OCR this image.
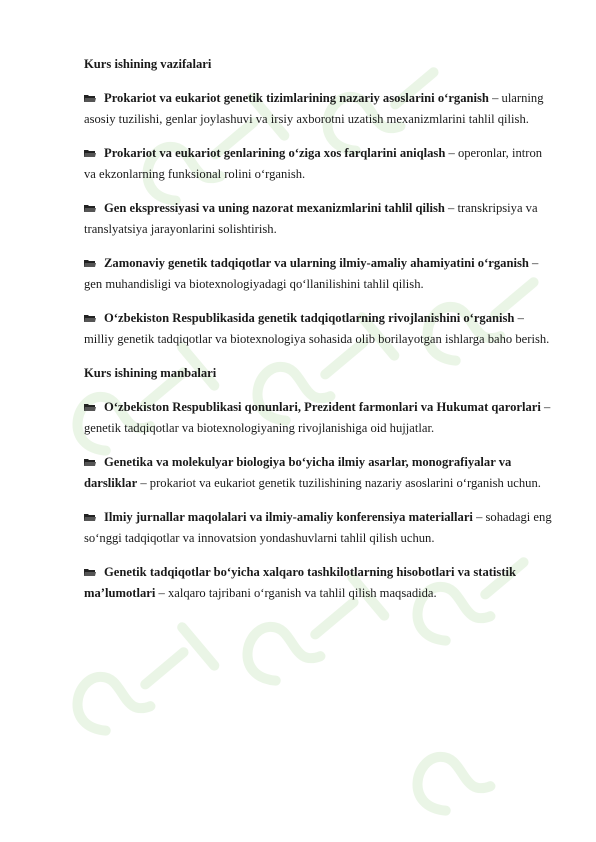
Kurs ishining vazifalari
Prokariot va eukariot genetik tizimlarining nazariy asoslarini o‘rganish – ularning asosiy tuzilishi, genlar joylashuvi va irsiy axborotni uzatish mexanizmlarini tahlil qilish.
Prokariot va eukariot genlarining o‘ziga xos farqlarini aniqlash – operonlar, intron va ekzonlarning funksional rolini o‘rganish.
Gen ekspressiyasi va uning nazorat mexanizmlarini tahlil qilish – transkripsiya va translyatsiya jarayonlarini solishtirish.
Zamonaviy genetik tadqiqotlar va ularning ilmiy-amaliy ahamiyatini o‘rganish – gen muhandisligi va biotexnologiyadagi qo‘llanilishini tahlil qilish.
O‘zbekiston Respublikasida genetik tadqiqotlarning rivojlanishini o‘rganish – milliy genetik tadqiqotlar va biotexnologiya sohasida olib borilayotgan ishlarga baho berish.
Kurs ishining manbalari
O‘zbekiston Respublikasi qonunlari, Prezident farmonlari va Hukumat qarorlari – genetik tadqiqotlar va biotexnologiyaning rivojlanishiga oid hujjatlar.
Genetika va molekulyar biologiya bo‘yicha ilmiy asarlar, monografiyalar va darsliklar – prokariot va eukariot genetik tuzilishining nazariy asoslarini o‘rganish uchun.
Ilmiy jurnallar maqolalari va ilmiy-amaliy konferensiya materiallari – sohadagi eng so‘nggi tadqiqotlar va innovatsion yondashuvlarni tahlil qilish uchun.
Genetik tadqiqotlar bo‘yicha xalqaro tashkilotlarning hisobotlari va statistik ma’lumotlari – xalqaro tajribani o‘rganish va tahlil qilish maqsadida.
